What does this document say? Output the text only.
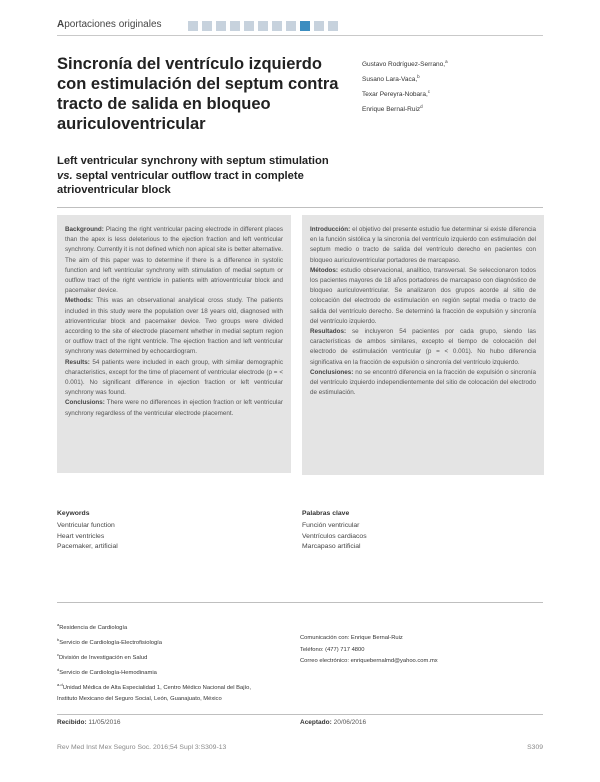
Aportaciones originales
Sincronía del ventrículo izquierdo con estimulación del septum contra tracto de salida en bloqueo auriculoventricular
Gustavo Rodríguez-Serrano,$^a$
Susano Lara-Vaca,$^b$
Texar Pereyra-Nobara,$^c$
Enrique Bernal-Ruiz$^d$
Left ventricular synchrony with septum stimulation vs. septal ventricular outflow tract in complete atrioventricular block

Background: Placing the right ventricular pacing electrode in different places than the apex is less deleterious to the ejection fraction and left ventricular synchrony. Currently it is not defined which non apical site is better alternative. The aim of this paper was to determine if there is a difference in systolic function and left ventricular synchrony with stimulation of medial septum or outflow tract of the right ventricle in patients with atrioventricular block and pacemaker device.

Methods: This was an observational analytical cross study. The patients included in this study were the population over 18 years old, diagnosed with atrioventricular block and pacemaker device. Two groups were divided according to the site of electrode placement whether in medial septum region or outflow tract of the right ventricle. The ejection fraction and left ventricular synchrony was determined by echocardiogram.

Results: 54 patients were included in each group, with similar demographic characteristics, except for the time of placement of ventricular electrode (p = < 0.001). No significant difference in ejection fraction or left ventricular synchrony was found.

Conclusions: There were no differences in ejection fraction or left ventricular synchrony regardless of the ventricular electrode placement.

Introducción: el objetivo del presente estudio fue determinar si existe diferencia en la función sistólica y la sincronía del ventrículo izquierdo con estimulación del septum medio o tracto de salida del ventrículo derecho en pacientes con bloqueo auriculoventricular portadores de marcapaso.

Métodos: estudio observacional, analítico, transversal. Se seleccionaron todos los pacientes mayores de 18 años portadores de marcapaso con diagnóstico de bloqueo auriculoventricular. Se analizaron dos grupos acorde al sitio de colocación del electrodo de estimulación en región septal media o tracto de salida del ventrículo derecho. Se determinó la fracción de expulsión y sincronía del ventrículo izquierdo.

Resultados: se incluyeron 54 pacientes por cada grupo, siendo las características de ambos similares, excepto el tiempo de colocación del electrodo de estimulación ventricular (p = < 0.001). No hubo diferencia significativa en la fracción de expulsión o sincronía del ventrículo izquierdo.

Conclusiones: no se encontró diferencia en la fracción de expulsión o sincronía del ventrículo izquierdo independientemente del sitio de colocación del electrodo de estimulación.

Keywords
Ventricular function
Heart ventricles
Pacemaker, artificial
Palabras clave
Función ventricular
Ventrículos cardiacos
Marcapaso artificial
$^a$Residencia de Cardiología
$^b$Servicio de Cardiología-Electrofisiología
$^c$División de Investigación en Salud
$^d$Servicio de Cardiología-Hemodinamia
$^{a-d}$Unidad Médica de Alta Especialidad 1, Centro Médico Nacional del Bajío,
Instituto Mexicano del Seguro Social, León, Guanajuato, México
Comunicación con: Enrique Bernal-Ruiz
Teléfono: (477) 717 4800
Correo electrónico: enriquebernalmd@yahoo.com.mx
Recibido: 11/05/2016	Aceptado: 20/06/2016
Rev Med Inst Mex Seguro Soc. 2016;54 Supl 3:S309-13	S309
